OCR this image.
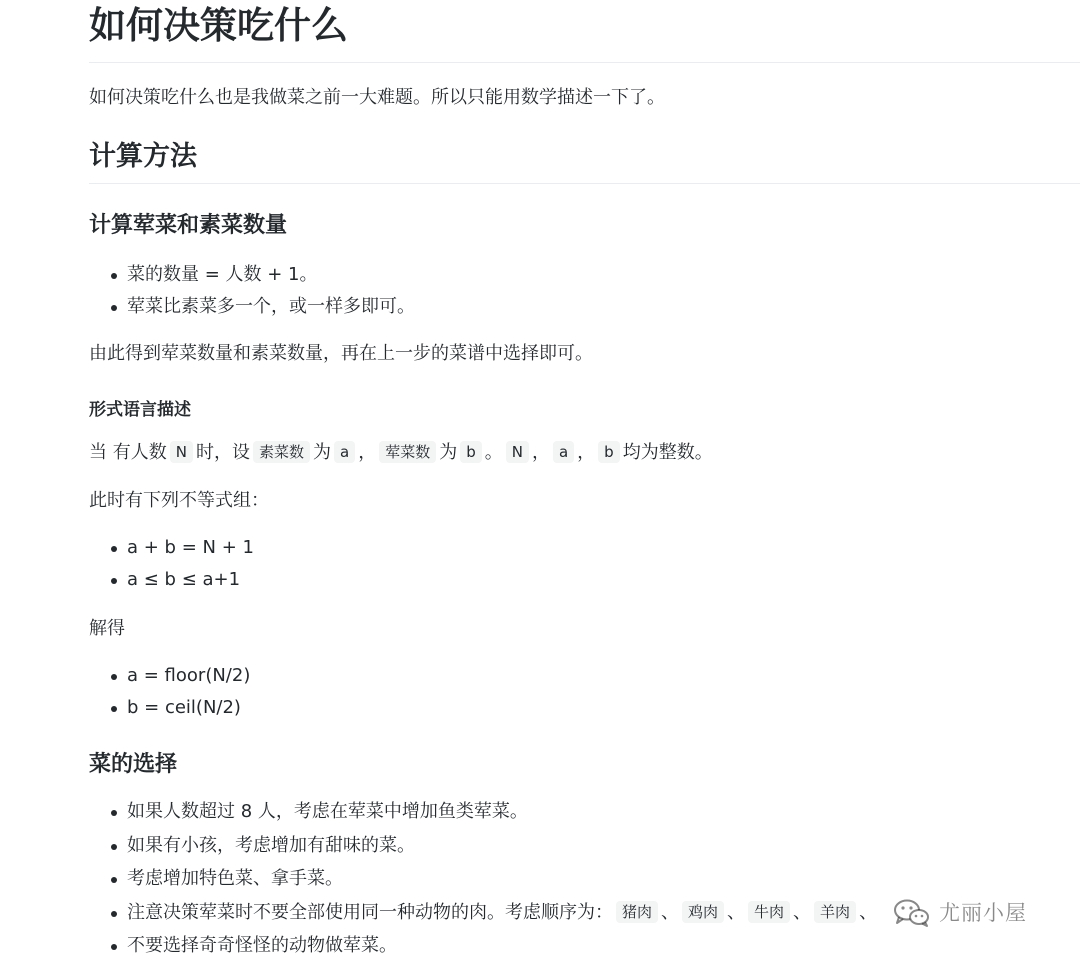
如何决策吃什么
如何决策吃什么也是我做菜之前一大难题。所以只能用数学描述一下了。
计算方法
计算荤菜和素菜数量
菜的数量 = 人数 + 1。
荤菜比素菜多一个，或一样多即可。
由此得到荤菜数量和素菜数量，再在上一步的菜谱中选择即可。
形式语言描述
当 有人数 N 时，设 素菜数 为 a ， 荤菜数 为 b 。 N ， a ， b 均为整数。
此时有下列不等式组：
a + b = N + 1
a ≤ b ≤ a+1
解得
a = floor(N/2)
b = ceil(N/2)
菜的选择
如果人数超过 8 人，考虑在荤菜中增加鱼类荤菜。
如果有小孩，考虑增加有甜味的菜。
考虑增加特色菜、拿手菜。
注意决策荤菜时不要全部使用同一种动物的肉。考虑顺序为： 猪肉 、 鸡肉 、 牛肉 、 羊肉 、
不要选择奇奇怪怪的动物做荤菜。
尤丽小屋
